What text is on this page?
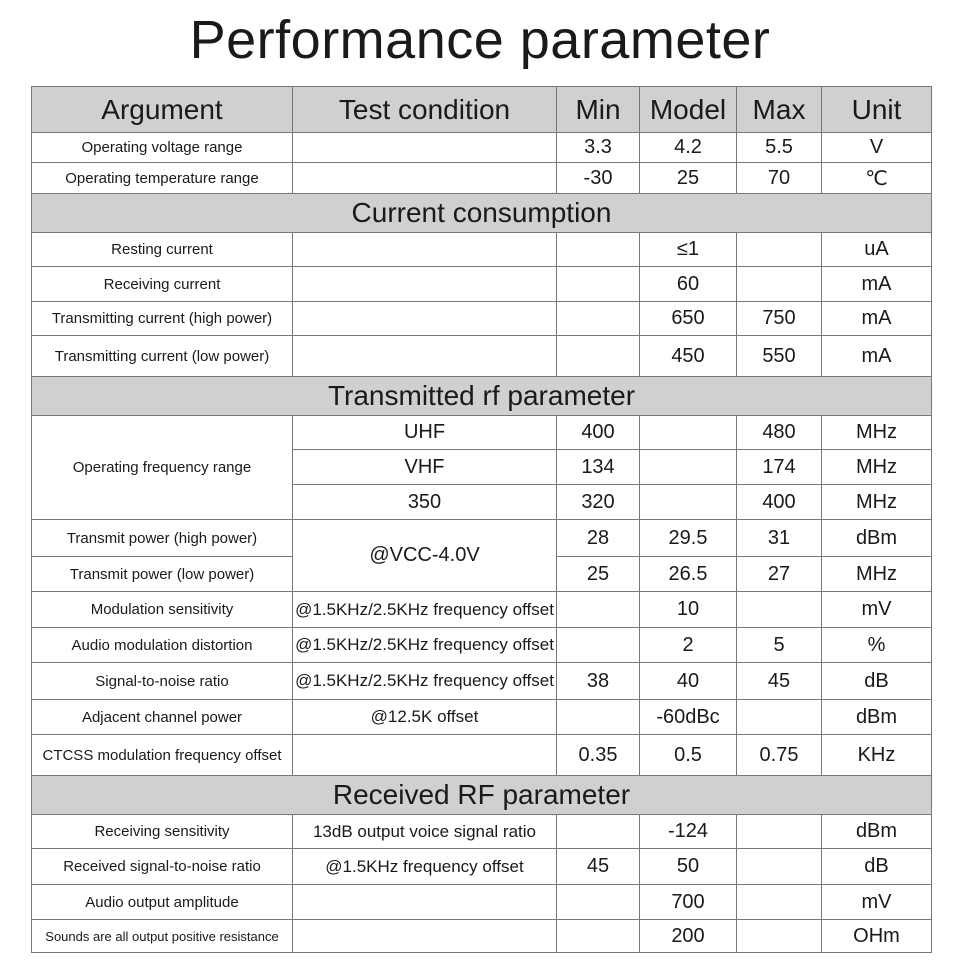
Performance parameter
Argument	Test condition	Min	Model	Max	Unit
Operating voltage range		3.3	4.2	5.5	V
Operating temperature range		-30	25	70	℃
Current consumption					
Resting current			≤1		uA
Receiving current			60		mA
Transmitting current (high power)			650	750	mA
Transmitting current (low power)			450	550	mA
Transmitted rf parameter					
Operating frequency range	UHF	400		480	MHz
	VHF	134		174	MHz
	350	320		400	MHz
Transmit power (high power)	@VCC-4.0V	28	29.5	31	dBm
Transmit power (low power)		25	26.5	27	MHz
Modulation sensitivity	@1.5KHz/2.5KHz frequency offset		10		mV
Audio modulation distortion	@1.5KHz/2.5KHz frequency offset		2	5	%
Signal-to-noise ratio	@1.5KHz/2.5KHz frequency offset	38	40	45	dB
Adjacent channel power	@12.5K offset		-60dBc		dBm
CTCSS modulation frequency offset		0.35	0.5	0.75	KHz
Received RF parameter					
Receiving sensitivity	13dB output voice signal ratio		-124		dBm
Received signal-to-noise ratio	@1.5KHz frequency offset	45	50		dB
Audio output amplitude			700		mV
Sounds are all output positive resistance			200		OHm
